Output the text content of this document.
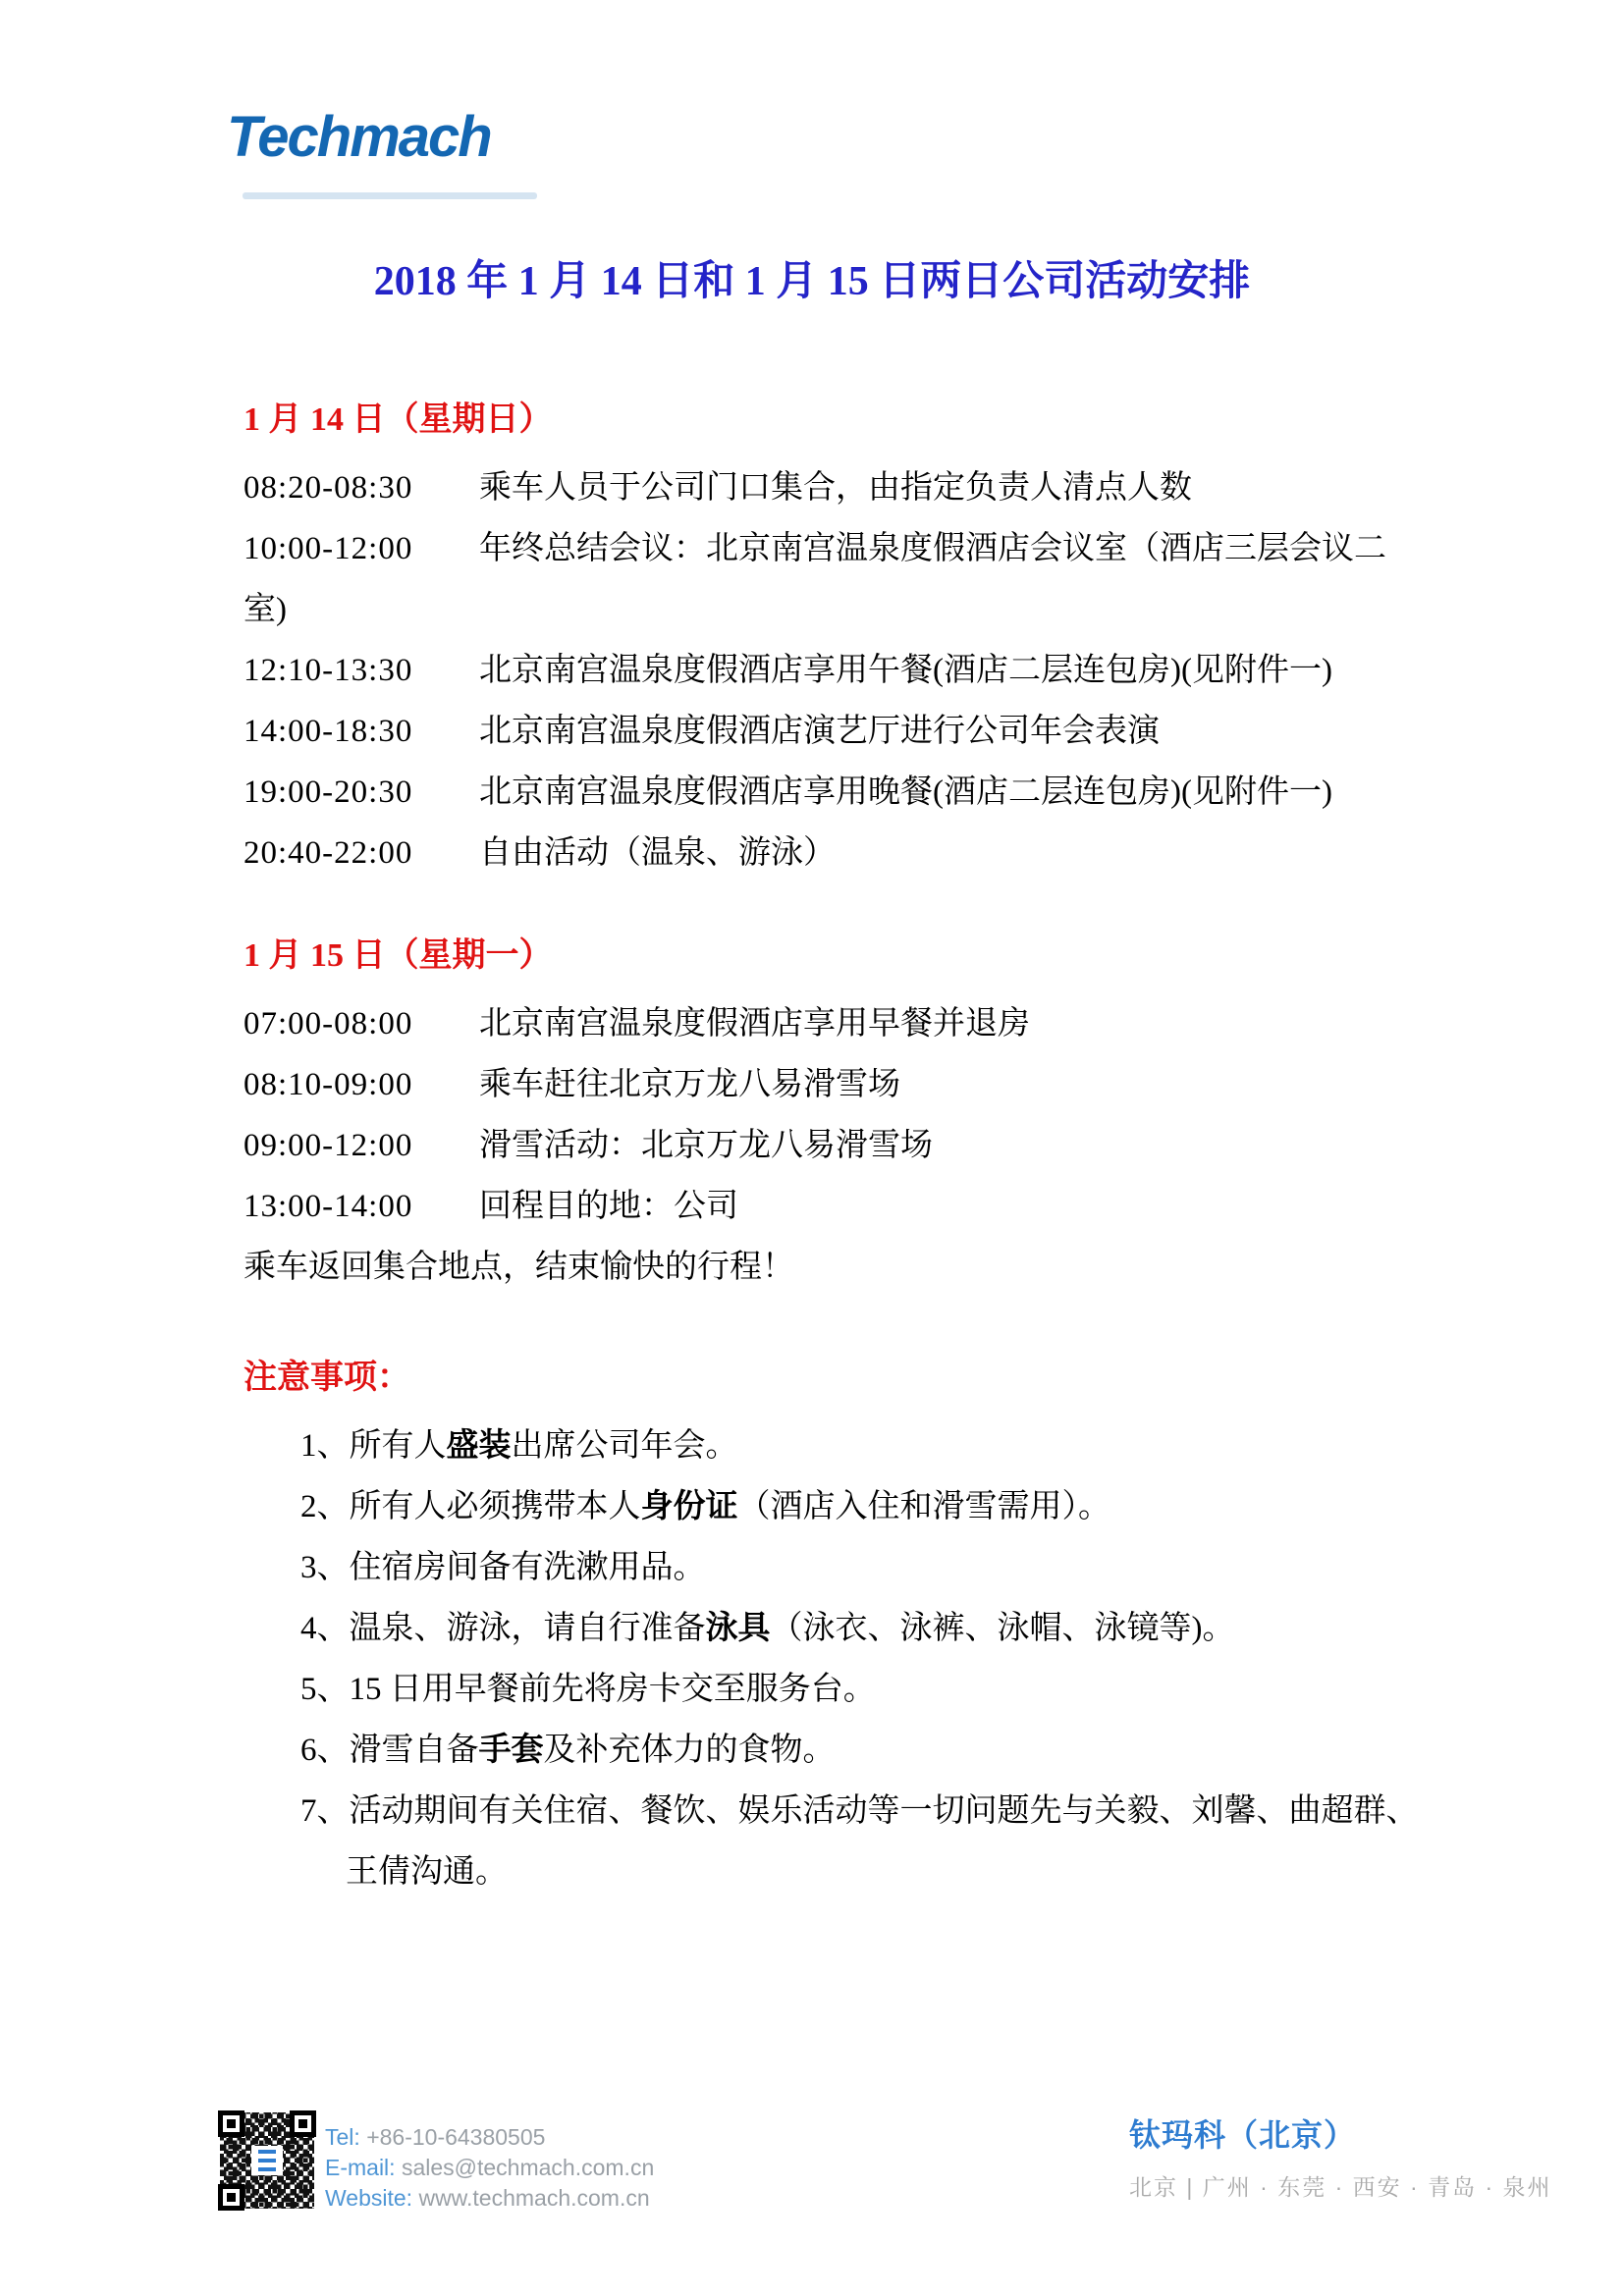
Techmach
2018 年 1 月 14 日和 1 月 15 日两日公司活动安排
1 月 14 日（星期日）
08:20-08:30 乘车人员于公司门口集合，由指定负责人清点人数
10:00-12:00 年终总结会议：北京南宫温泉度假酒店会议室（酒店三层会议二
室)
12:10-13:30 北京南宫温泉度假酒店享用午餐(酒店二层连包房)(见附件一)
14:00-18:30 北京南宫温泉度假酒店演艺厅进行公司年会表演
19:00-20:30 北京南宫温泉度假酒店享用晚餐(酒店二层连包房)(见附件一)
20:40-22:00 自由活动（温泉、游泳）
1 月 15 日（星期一）
07:00-08:00 北京南宫温泉度假酒店享用早餐并退房
08:10-09:00 乘车赶往北京万龙八易滑雪场
09:00-12:00 滑雪活动：北京万龙八易滑雪场
13:00-14:00 回程目的地：公司
乘车返回集合地点，结束愉快的行程！
注意事项：
1、所有人盛装出席公司年会。
2、所有人必须携带本人身份证（酒店入住和滑雪需用）。
3、住宿房间备有洗漱用品。
4、温泉、游泳，请自行准备泳具（泳衣、泳裤、泳帽、泳镜等)。
5、15 日用早餐前先将房卡交至服务台。
6、滑雪自备手套及补充体力的食物。
7、活动期间有关住宿、餐饮、娱乐活动等一切问题先与关毅、刘馨、曲超群、
王倩沟通。
Tel: +86-10-64380505
E-mail: sales@techmach.com.cn
Website: www.techmach.com.cn
钛玛科（北京）
北京 | 广州 · 东莞 · 西安 · 青岛 · 泉州
